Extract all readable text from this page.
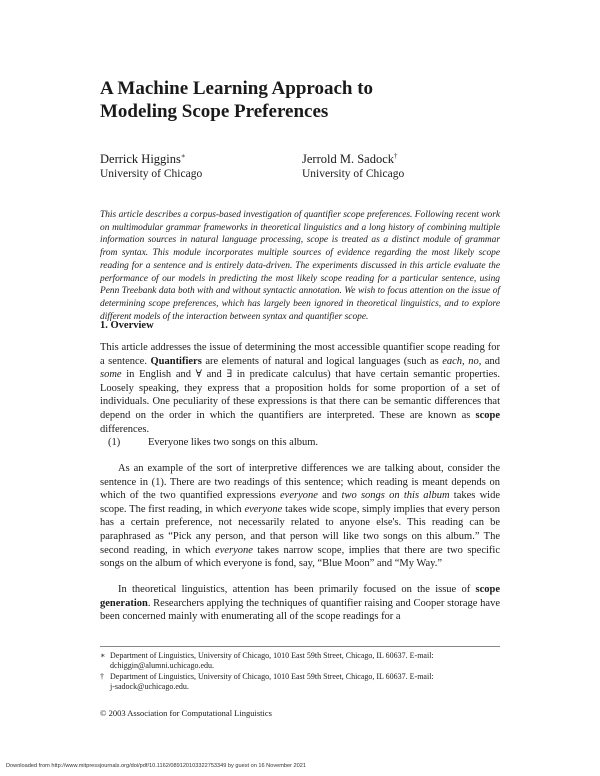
A Machine Learning Approach to
Modeling Scope Preferences
Derrick Higgins∗
University of Chicago
Jerrold M. Sadock†
University of Chicago
This article describes a corpus-based investigation of quantifier scope preferences. Following recent work on multimodular grammar frameworks in theoretical linguistics and a long history of combining multiple information sources in natural language processing, scope is treated as a distinct module of grammar from syntax. This module incorporates multiple sources of evidence regarding the most likely scope reading for a sentence and is entirely data-driven. The experiments discussed in this article evaluate the performance of our models in predicting the most likely scope reading for a particular sentence, using Penn Treebank data both with and without syntactic annotation. We wish to focus attention on the issue of determining scope preferences, which has largely been ignored in theoretical linguistics, and to explore different models of the interaction between syntax and quantifier scope.
1. Overview

This article addresses the issue of determining the most accessible quantifier scope reading for a sentence. Quantifiers are elements of natural and logical languages (such as each, no, and some in English and ∀ and ∃ in predicate calculus) that have certain semantic properties. Loosely speaking, they express that a proposition holds for some proportion of a set of individuals. One peculiarity of these expressions is that there can be semantic differences that depend on the order in which the quantifiers are interpreted. These are known as scope differences.

(1)	Everyone likes two songs on this album.

As an example of the sort of interpretive differences we are talking about, consider the sentence in (1). There are two readings of this sentence; which reading is meant depends on which of the two quantified expressions everyone and two songs on this album takes wide scope. The first reading, in which everyone takes wide scope, simply implies that every person has a certain preference, not necessarily related to anyone else's. This reading can be paraphrased as “Pick any person, and that person will like two songs on this album.” The second reading, in which everyone takes narrow scope, implies that there are two specific songs on the album of which everyone is fond, say, “Blue Moon” and “My Way.”

In theoretical linguistics, attention has been primarily focused on the issue of scope generation. Researchers applying the techniques of quantifier raising and Cooper storage have been concerned mainly with enumerating all of the scope readings for a

∗ Department of Linguistics, University of Chicago, 1010 East 59th Street, Chicago, IL 60637. E-mail:
dchiggin@alumni.uchicago.edu.
† Department of Linguistics, University of Chicago, 1010 East 59th Street, Chicago, IL 60637. E-mail:
j-sadock@uchicago.edu.
© 2003 Association for Computational Linguistics
Downloaded from http://www.mitpressjournals.org/doi/pdf/10.1162/089120103322753349 by guest on 16 November 2021
